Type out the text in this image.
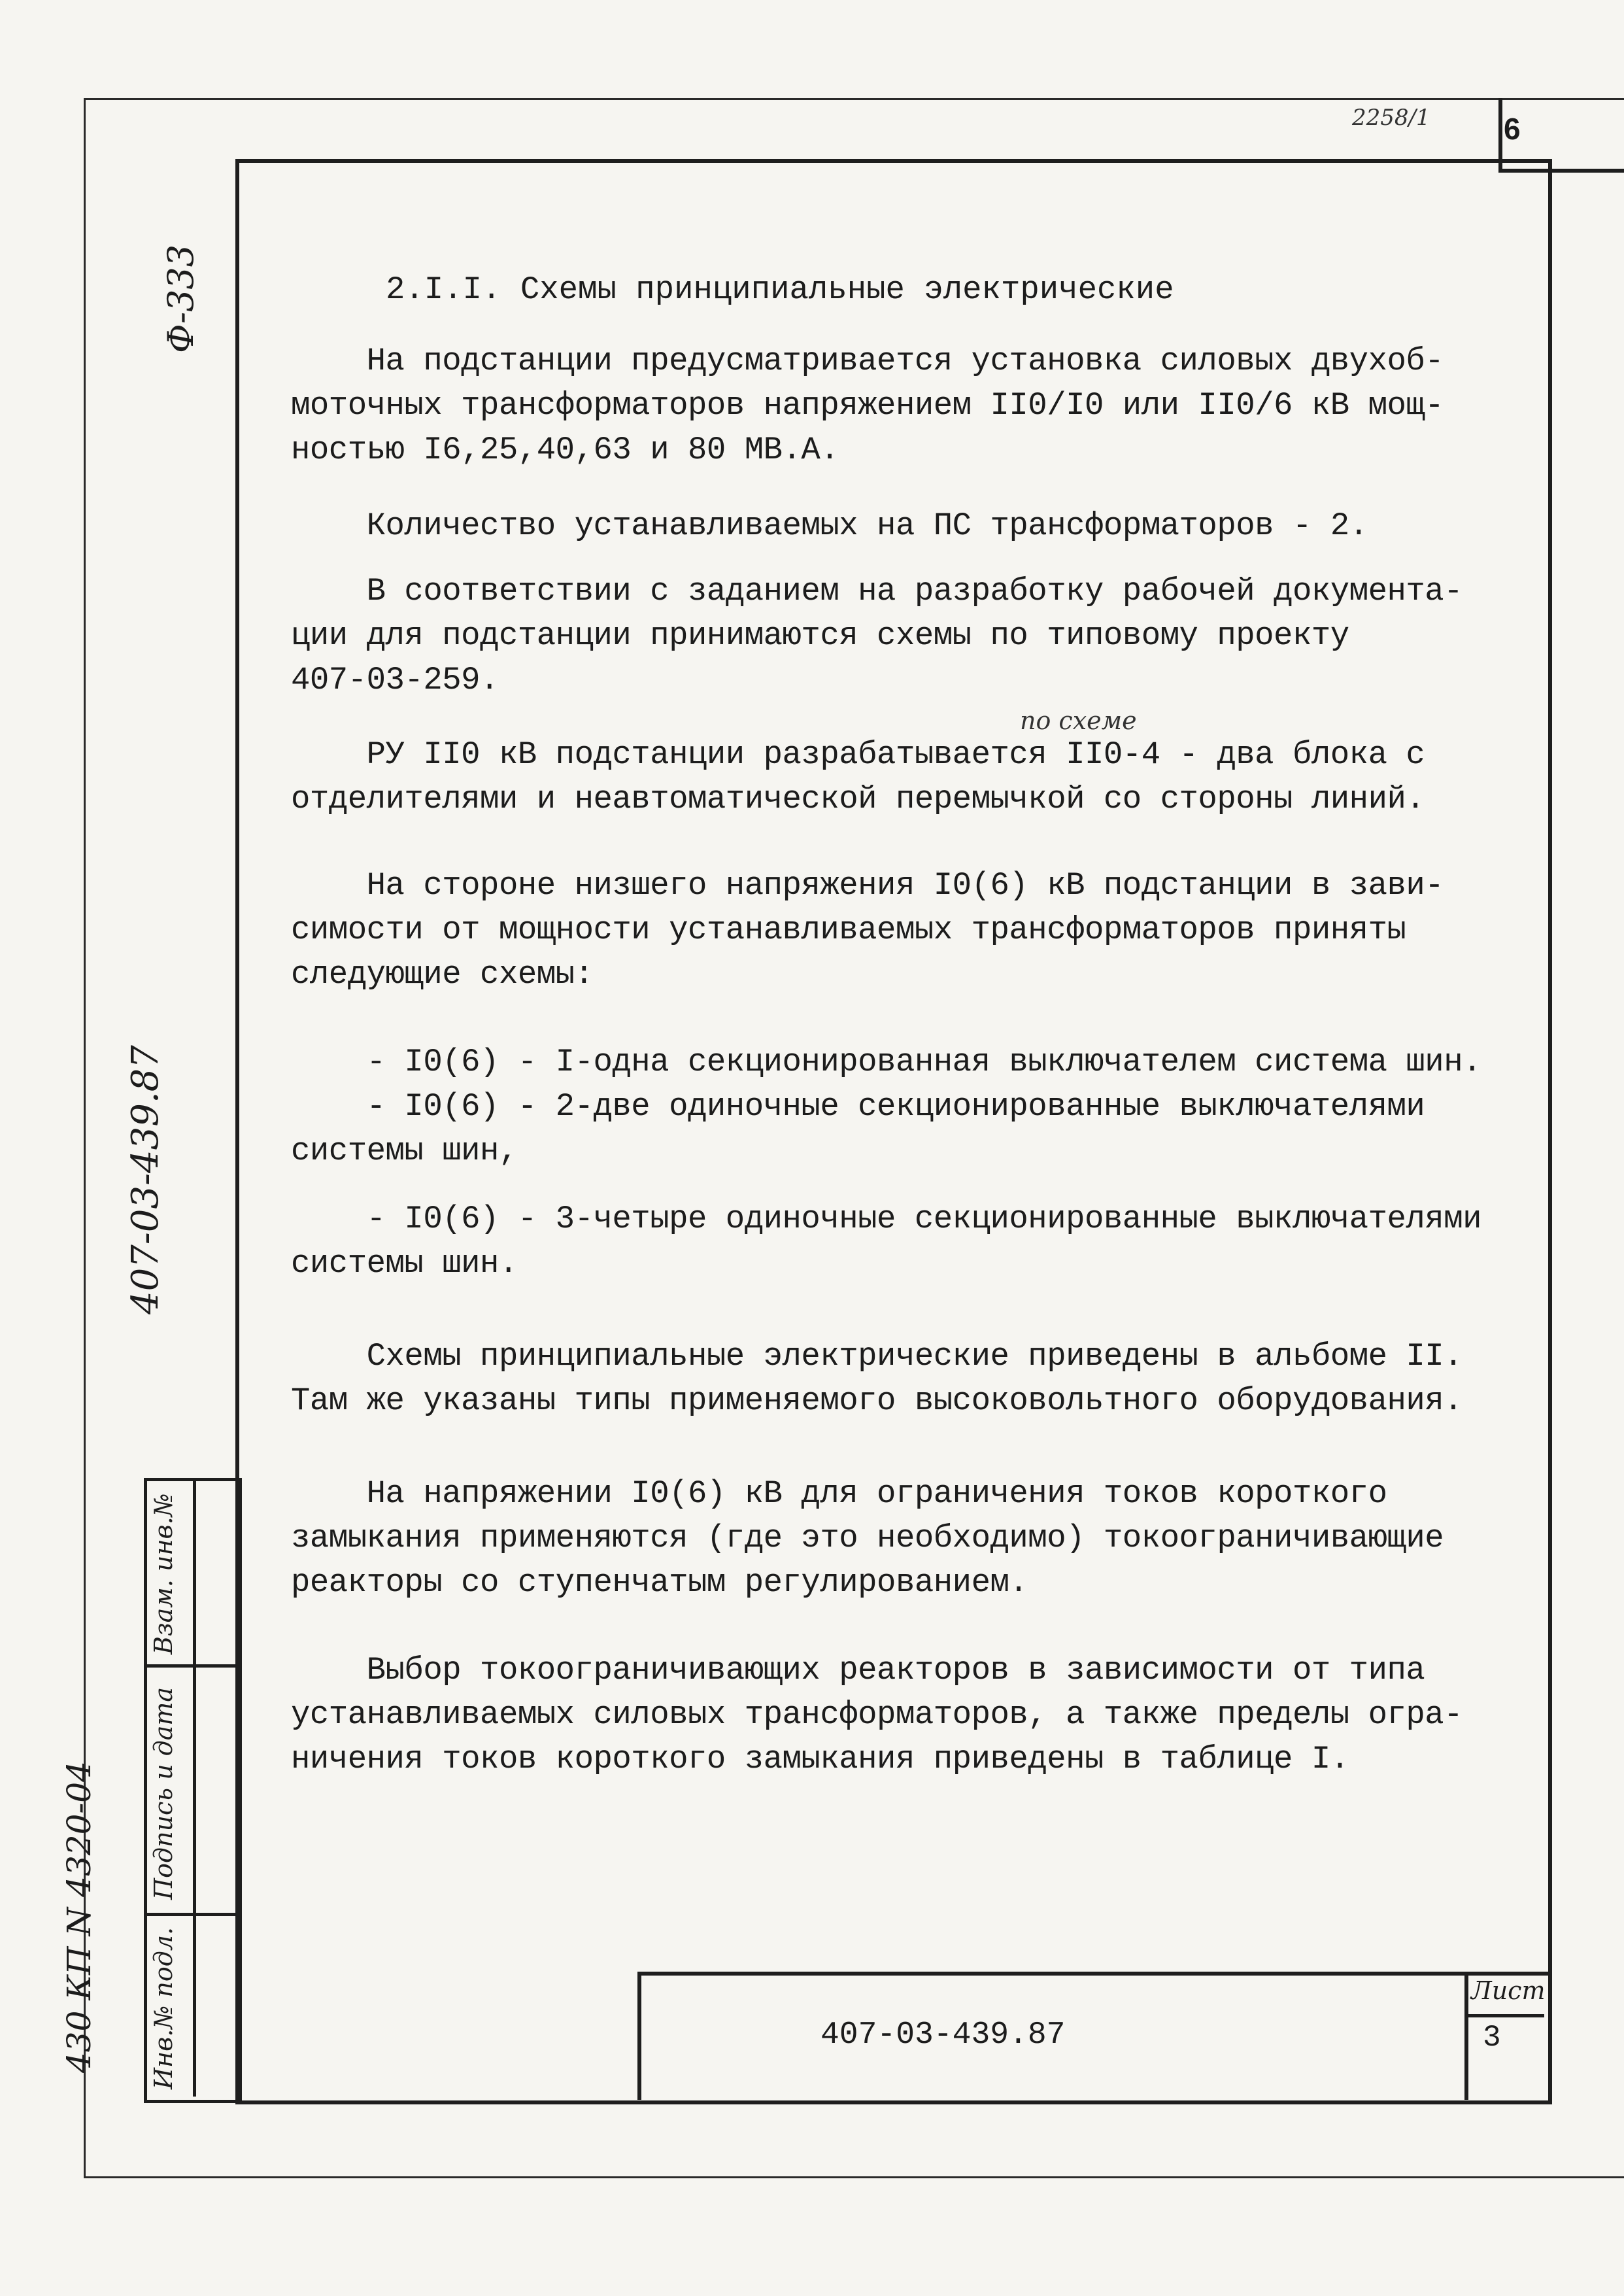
6
2258/1
Ф-333
407-03-439.87
430 КП N 4320-04
Взам. инв.№
Подпись и дата
Инв.№ подл.
2.I.I. Схемы принципиальные электрические
На подстанции предусматривается установка силовых двухоб-
моточных трансформаторов напряжением II0/I0 или II0/6 кВ мощ-
ностью I6,25,40,63 и 80 МВ.А.
Количество устанавливаемых на ПС трансформаторов - 2.
В соответствии с заданием на разработку рабочей документа-
ции для подстанции принимаются схемы по типовому проекту
407-03-259.
по схеме
РУ II0 кВ подстанции разрабатывается II0-4 - два блока с
отделителями и неавтоматической перемычкой со стороны линий.
На стороне низшего напряжения I0(6) кВ подстанции в зави-
симости от мощности устанавливаемых трансформаторов приняты
следующие схемы:
- I0(6) - I-одна секционированная выключателем система шин.
- I0(6) - 2-две одиночные секционированные выключателями
системы шин,
- I0(6) - 3-четыре одиночные секционированные выключателями
системы шин.
Схемы принципиальные электрические приведены в альбоме II.
Там же указаны типы применяемого высоковольтного оборудования.
На напряжении I0(6) кВ для ограничения токов короткого
замыкания применяются (где это необходимо) токоограничивающие
реакторы со ступенчатым регулированием.
Выбор токоограничивающих реакторов в зависимости от типа
устанавливаемых силовых трансформаторов, а также пределы огра-
ничения токов короткого замыкания приведены в таблице I.
407-03-439.87
Лист
3
